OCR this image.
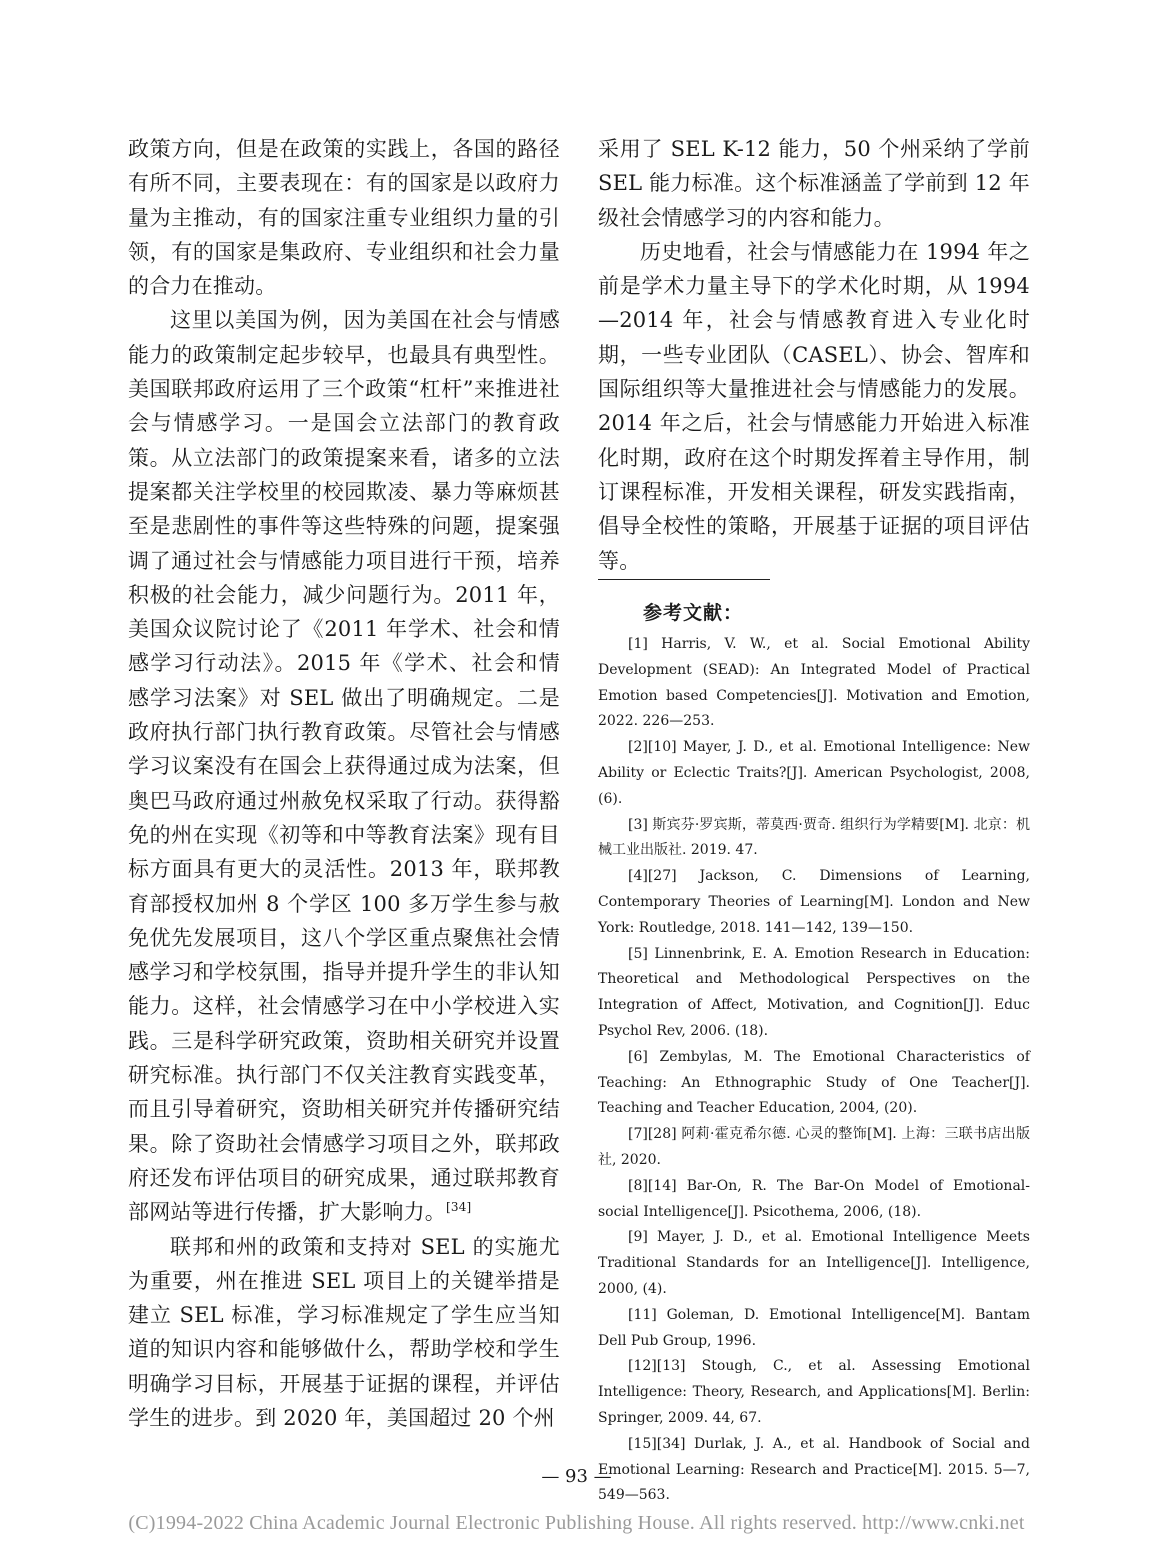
政策方向，但是在政策的实践上，各国的路径有所不同，主要表现在：有的国家是以政府力量为主推动，有的国家注重专业组织力量的引领，有的国家是集政府、专业组织和社会力量的合力在推动。

这里以美国为例，因为美国在社会与情感能力的政策制定起步较早，也最具有典型性。美国联邦政府运用了三个政策“杠杆”来推进社会与情感学习。一是国会立法部门的教育政策。从立法部门的政策提案来看，诸多的立法提案都关注学校里的校园欺凌、暴力等麻烦甚至是悲剧性的事件等这些特殊的问题，提案强调了通过社会与情感能力项目进行干预，培养积极的社会能力，减少问题行为。2011 年，美国众议院讨论了《2011 年学术、社会和情感学习行动法》。2015 年《学术、社会和情感学习法案》对 SEL 做出了明确规定。二是政府执行部门执行教育政策。尽管社会与情感学习议案没有在国会上获得通过成为法案，但奥巴马政府通过州赦免权采取了行动。获得豁免的州在实现《初等和中等教育法案》现有目标方面具有更大的灵活性。2013 年，联邦教育部授权加州 8 个学区 100 多万学生参与赦免优先发展项目，这八个学区重点聚焦社会情感学习和学校氛围，指导并提升学生的非认知能力。这样，社会情感学习在中小学校进入实践。三是科学研究政策，资助相关研究并设置研究标准。执行部门不仅关注教育实践变革，而且引导着研究，资助相关研究并传播研究结果。除了资助社会情感学习项目之外，联邦政府还发布评估项目的研究成果，通过联邦教育部网站等进行传播，扩大影响力。[34]

联邦和州的政策和支持对 SEL 的实施尤为重要，州在推进 SEL 项目上的关键举措是建立 SEL 标准，学习标准规定了学生应当知道的知识内容和能够做什么，帮助学校和学生明确学习目标，开展基于证据的课程，并评估学生的进步。到 2020 年，美国超过 20 个州

采用了 SEL K-12 能力，50 个州采纳了学前 SEL 能力标准。这个标准涵盖了学前到 12 年级社会情感学习的内容和能力。

历史地看，社会与情感能力在 1994 年之前是学术力量主导下的学术化时期，从 1994—2014 年，社会与情感教育进入专业化时期，一些专业团队（CASEL）、协会、智库和国际组织等大量推进社会与情感能力的发展。2014 年之后，社会与情感能力开始进入标准化时期，政府在这个时期发挥着主导作用，制订课程标准，开发相关课程，研发实践指南，倡导全校性的策略，开展基于证据的项目评估等。

参考文献：

[1] Harris, V. W., et al. Social Emotional Ability Development (SEAD): An Integrated Model of Practical Emotion based Competencies[J]. Motivation and Emotion, 2022. 226—253.

[2][10] Mayer, J. D., et al. Emotional Intelligence: New Ability or Eclectic Traits?[J]. American Psychologist, 2008, (6).

[3] 斯宾芬·罗宾斯，蒂莫西·贾奇. 组织行为学精要[M]. 北京：机械工业出版社. 2019. 47.

[4][27] Jackson, C. Dimensions of Learning, Contemporary Theories of Learning[M]. London and New York: Routledge, 2018. 141—142, 139—150.

[5] Linnenbrink, E. A. Emotion Research in Education: Theoretical and Methodological Perspectives on the Integration of Affect, Motivation, and Cognition[J]. Educ Psychol Rev, 2006. (18).

[6] Zembylas, M. The Emotional Characteristics of Teaching: An Ethnographic Study of One Teacher[J]. Teaching and Teacher Education, 2004, (20).

[7][28] 阿莉·霍克希尔德. 心灵的整饰[M]. 上海：三联书店出版社, 2020.

[8][14] Bar-On, R. The Bar-On Model of Emotional-social Intelligence[J]. Psicothema, 2006, (18).

[9] Mayer, J. D., et al. Emotional Intelligence Meets Traditional Standards for an Intelligence[J]. Intelligence, 2000, (4).

[11] Goleman, D. Emotional Intelligence[M]. Bantam Dell Pub Group, 1996.

[12][13] Stough, C., et al. Assessing Emotional Intelligence: Theory, Research, and Applications[M]. Berlin: Springer, 2009. 44, 67.

[15][34] Durlak, J. A., et al. Handbook of Social and Emotional Learning: Research and Practice[M]. 2015. 5—7, 549—563.

— 93 —
(C)1994-2022 China Academic Journal Electronic Publishing House. All rights reserved. http://www.cnki.net
